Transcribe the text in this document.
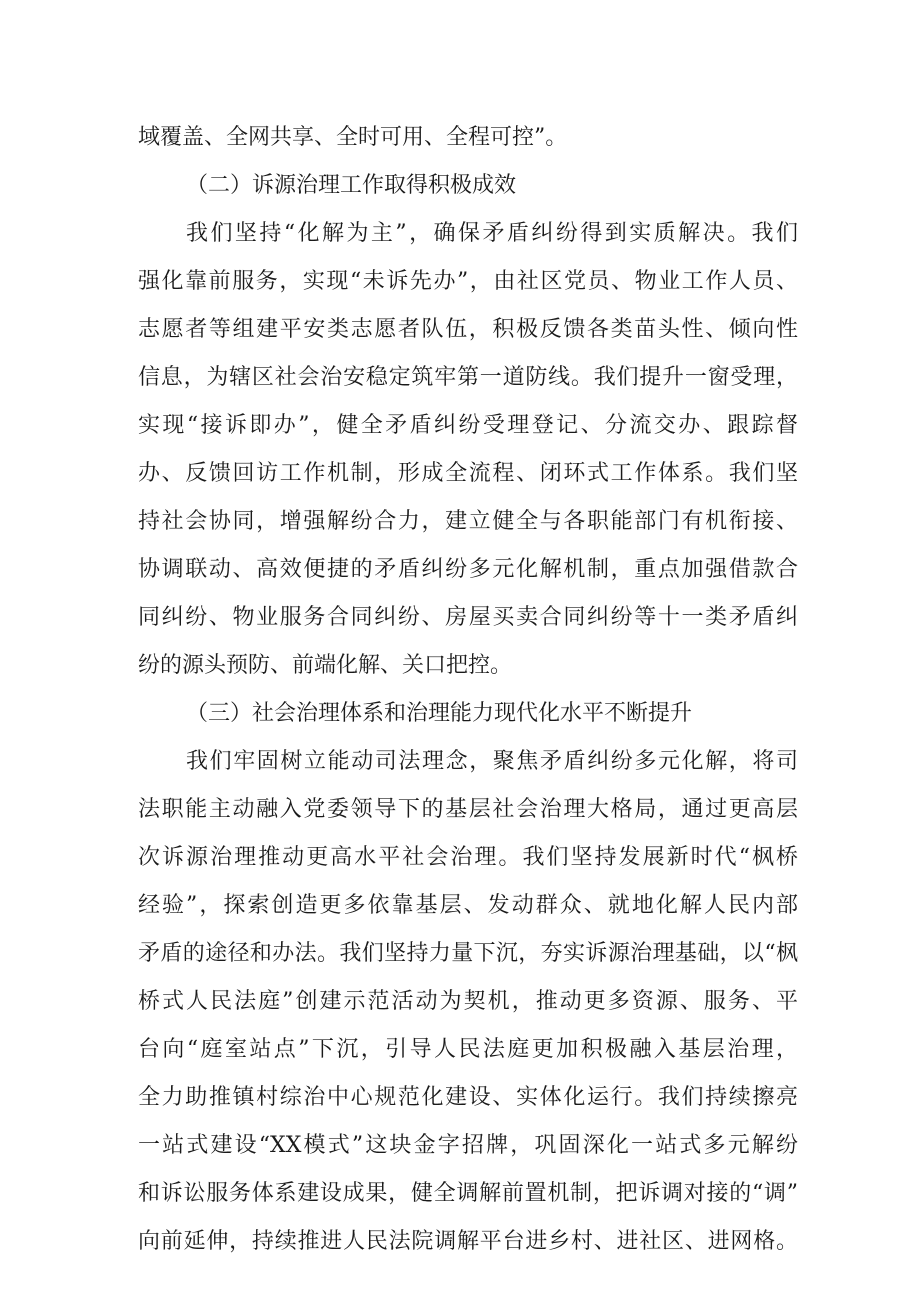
域覆盖、全网共享、全时可用、全程可控”。
（二）诉源治理工作取得积极成效
我们坚持“化解为主”，确保矛盾纠纷得到实质解决。我们
强化靠前服务，实现“未诉先办”，由社区党员、物业工作人员、
志愿者等组建平安类志愿者队伍，积极反馈各类苗头性、倾向性
信息，为辖区社会治安稳定筑牢第一道防线。我们提升一窗受理，
实现“接诉即办”，健全矛盾纠纷受理登记、分流交办、跟踪督
办、反馈回访工作机制，形成全流程、闭环式工作体系。我们坚
持社会协同，增强解纷合力，建立健全与各职能部门有机衔接、
协调联动、高效便捷的矛盾纠纷多元化解机制，重点加强借款合
同纠纷、物业服务合同纠纷、房屋买卖合同纠纷等十一类矛盾纠
纷的源头预防、前端化解、关口把控。
（三）社会治理体系和治理能力现代化水平不断提升
我们牢固树立能动司法理念，聚焦矛盾纠纷多元化解，将司
法职能主动融入党委领导下的基层社会治理大格局，通过更高层
次诉源治理推动更高水平社会治理。我们坚持发展新时代“枫桥
经验”，探索创造更多依靠基层、发动群众、就地化解人民内部
矛盾的途径和办法。我们坚持力量下沉，夯实诉源治理基础，以“枫
桥式人民法庭”创建示范活动为契机，推动更多资源、服务、平
台向“庭室站点”下沉，引导人民法庭更加积极融入基层治理，
全力助推镇村综治中心规范化建设、实体化运行。我们持续擦亮
一站式建设“XX模式”这块金字招牌，巩固深化一站式多元解纷
和诉讼服务体系建设成果，健全调解前置机制，把诉调对接的“调”
向前延伸，持续推进人民法院调解平台进乡村、进社区、进网格。
